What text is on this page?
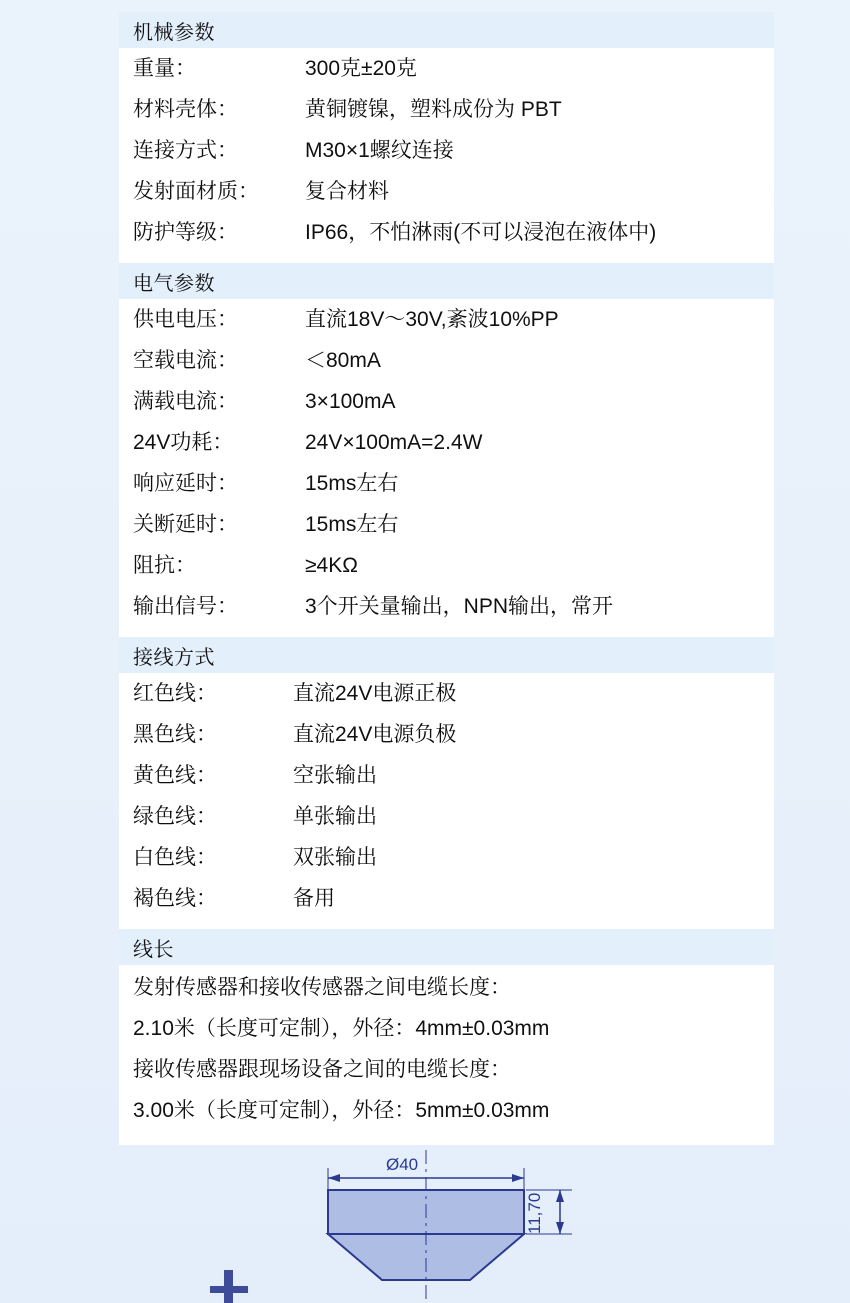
机械参数
重量：	300克±20克
材料壳体：	黄铜镀镍，塑料成份为 PBT
连接方式：	M30×1螺纹连接
发射面材质：	复合材料
防护等级：	IP66，不怕淋雨(不可以浸泡在液体中)
电气参数
供电电压：	直流18V～30V,紊波10%PP
空载电流：	＜80mA
满载电流：	3×100mA
24V功耗：	24V×100mA=2.4W
响应延时：	15ms左右
关断延时：	15ms左右
阻抗：	≥4KΩ
输出信号：	3个开关量输出，NPN输出，常开
接线方式
红色线：	直流24V电源正极
黑色线：	直流24V电源负极
黄色线：	空张输出
绿色线：	单张输出
白色线：	双张输出
褐色线：	备用
线长
发射传感器和接收传感器之间电缆长度：
2.10米（长度可定制），外径：4mm±0.03mm
接收传感器跟现场设备之间的电缆长度：
3.00米（长度可定制），外径：5mm±0.03mm
Ø40
11,70
